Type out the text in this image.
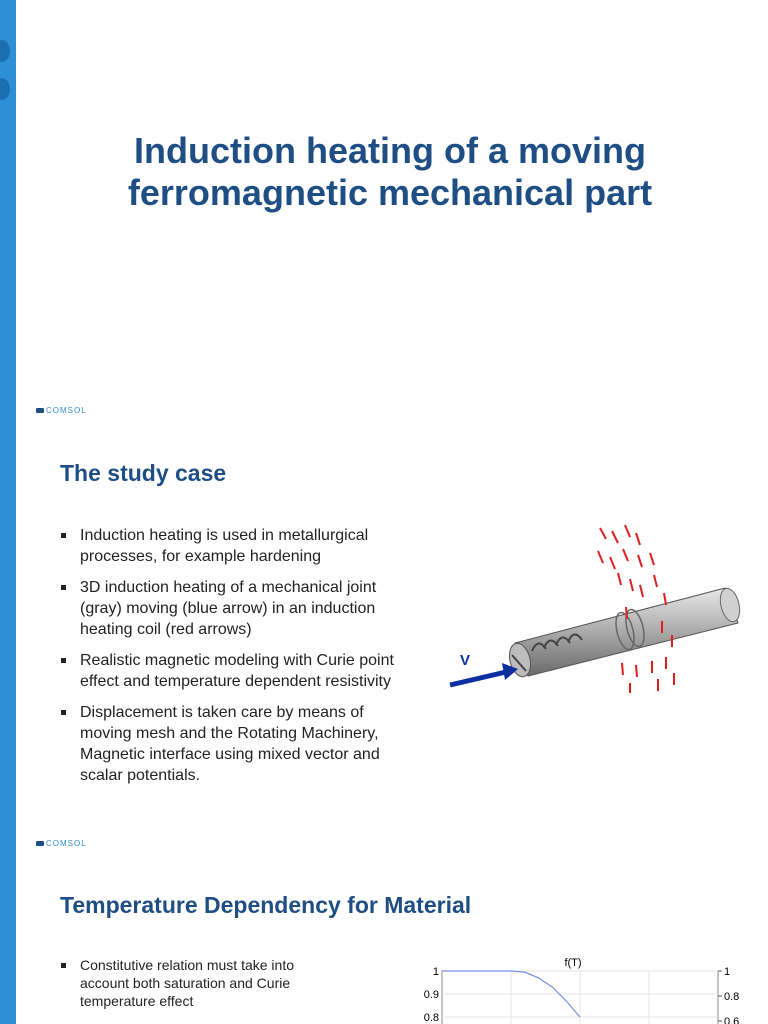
Induction heating of a moving
ferromagnetic mechanical part
COMSOL
The study case
Induction heating is used in metallurgical processes, for example hardening
3D induction heating of a mechanical joint (gray) moving (blue arrow) in an induction heating coil (red arrows)
Realistic magnetic modeling with Curie point effect and temperature dependent resistivity
Displacement is taken care by means of moving mesh and the Rotating Machinery, Magnetic interface using mixed vector and scalar potentials.
V
COMSOL
Temperature Dependency for Material
Constitutive relation must take into account both saturation and Curie temperature effect
f(T)
1
0.9
0.8
1
0.8
0.6
